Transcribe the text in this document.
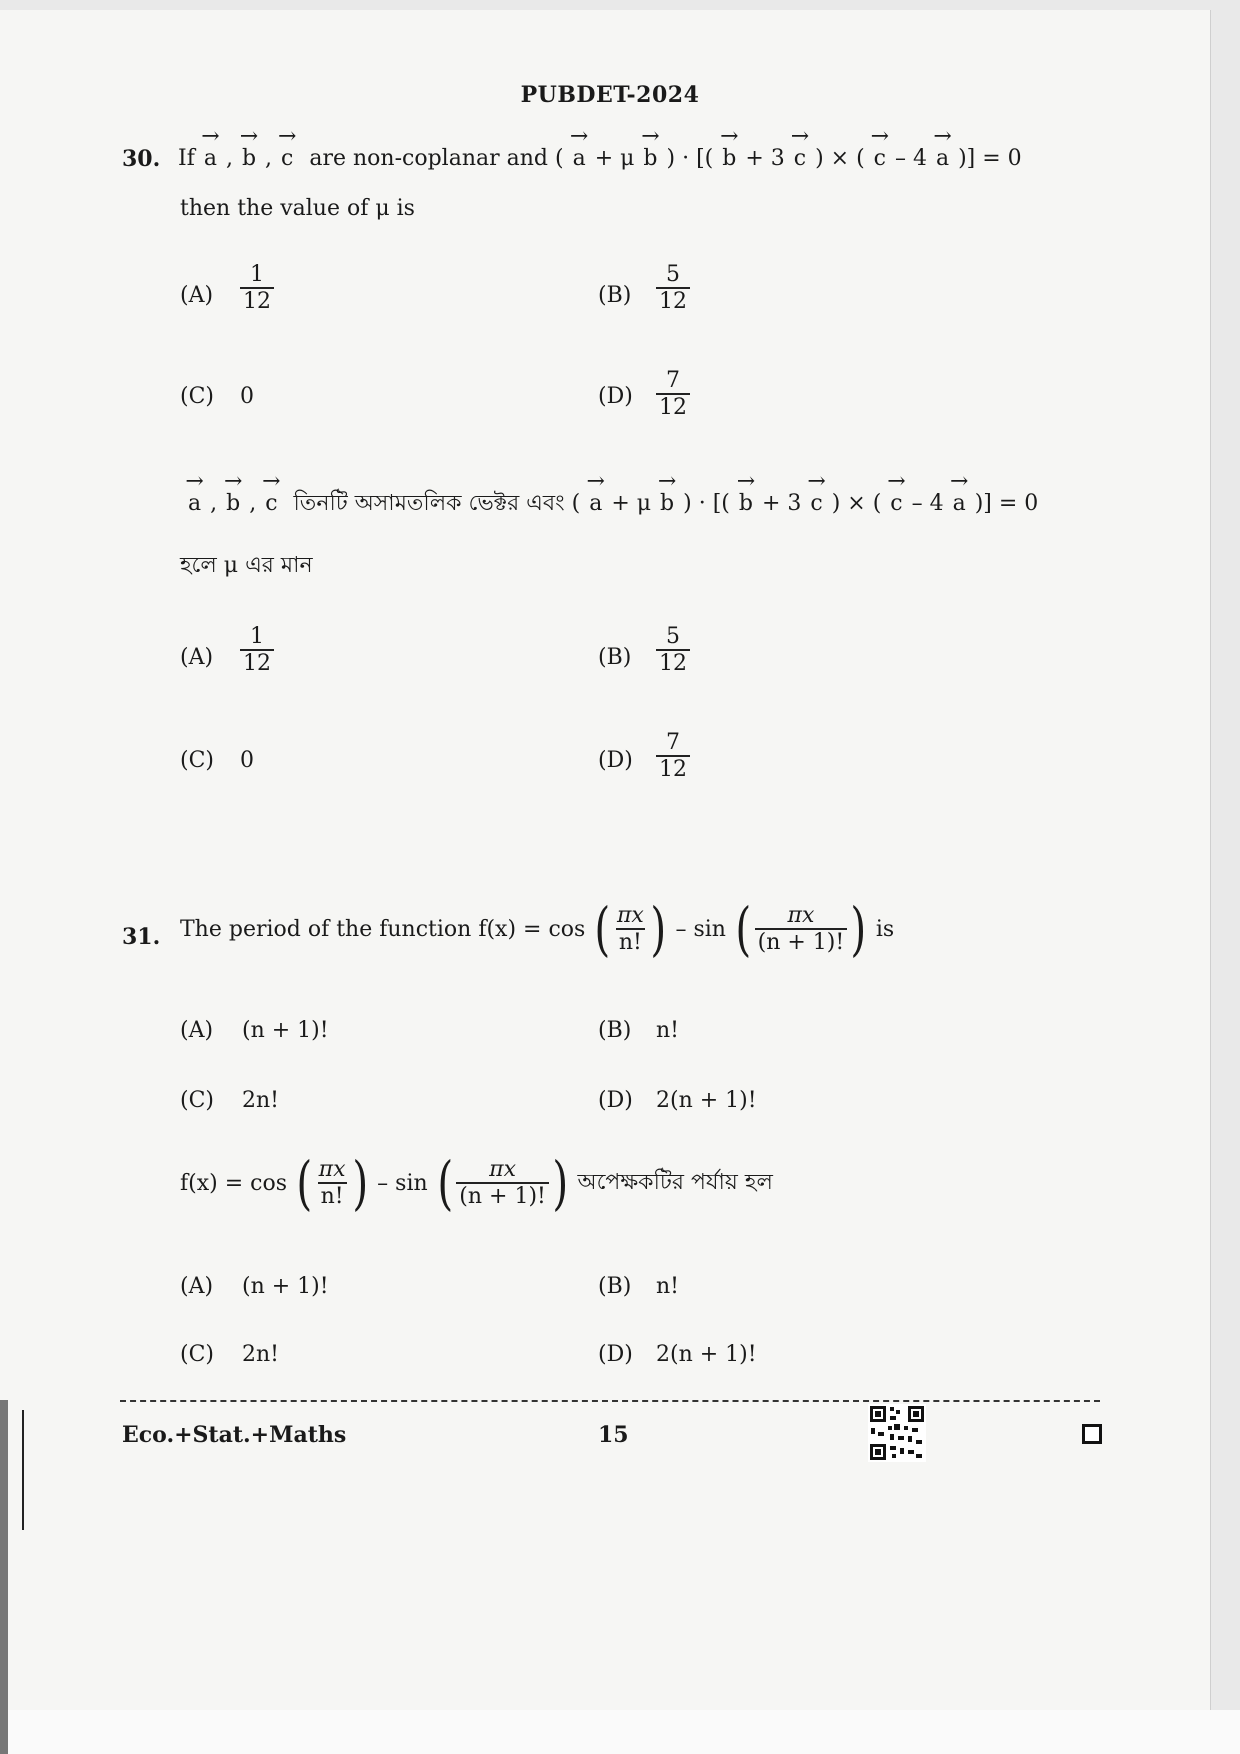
PUBDET-2024
30. If → a , → b , → c are non-coplanar and ( → a + μ → b ) · [( → b + 3 → c ) × ( → c – 4 → a )] = 0
then the value of μ is
$(A) \frac{1}{12}$	$(B) \frac{5}{12}$
(C) 0	$(D) \frac{7}{12}$
→ a , → b , → c তিনটি অসামতলিক ভেক্টর এবং ( → a + μ → b ) · [( → b + 3 → c ) × ( → c – 4 → a )] = 0
হলে μ এর মান
$(A) \frac{1}{12}$	$(B) \frac{5}{12}$
(C) 0	$(D) \frac{7}{12}$
31. The period of the function f(x) = cos ( $\frac{\pi x}{n!}$ ) – sin ( $\frac{\pi x}{(n + 1)!}$ ) is
(A) (n + 1)!	(B) n!
(C) 2n!	(D) 2(n + 1)!
f(x) = cos ( $\frac{\pi x}{n!}$ ) – sin ( $\frac{\pi x}{(n + 1)!}$ ) অপেক্ষকটির পর্যায় হল
(A) (n + 1)!	(B) n!
(C) 2n!	(D) 2(n + 1)!
Eco.+Stat.+Maths	15
